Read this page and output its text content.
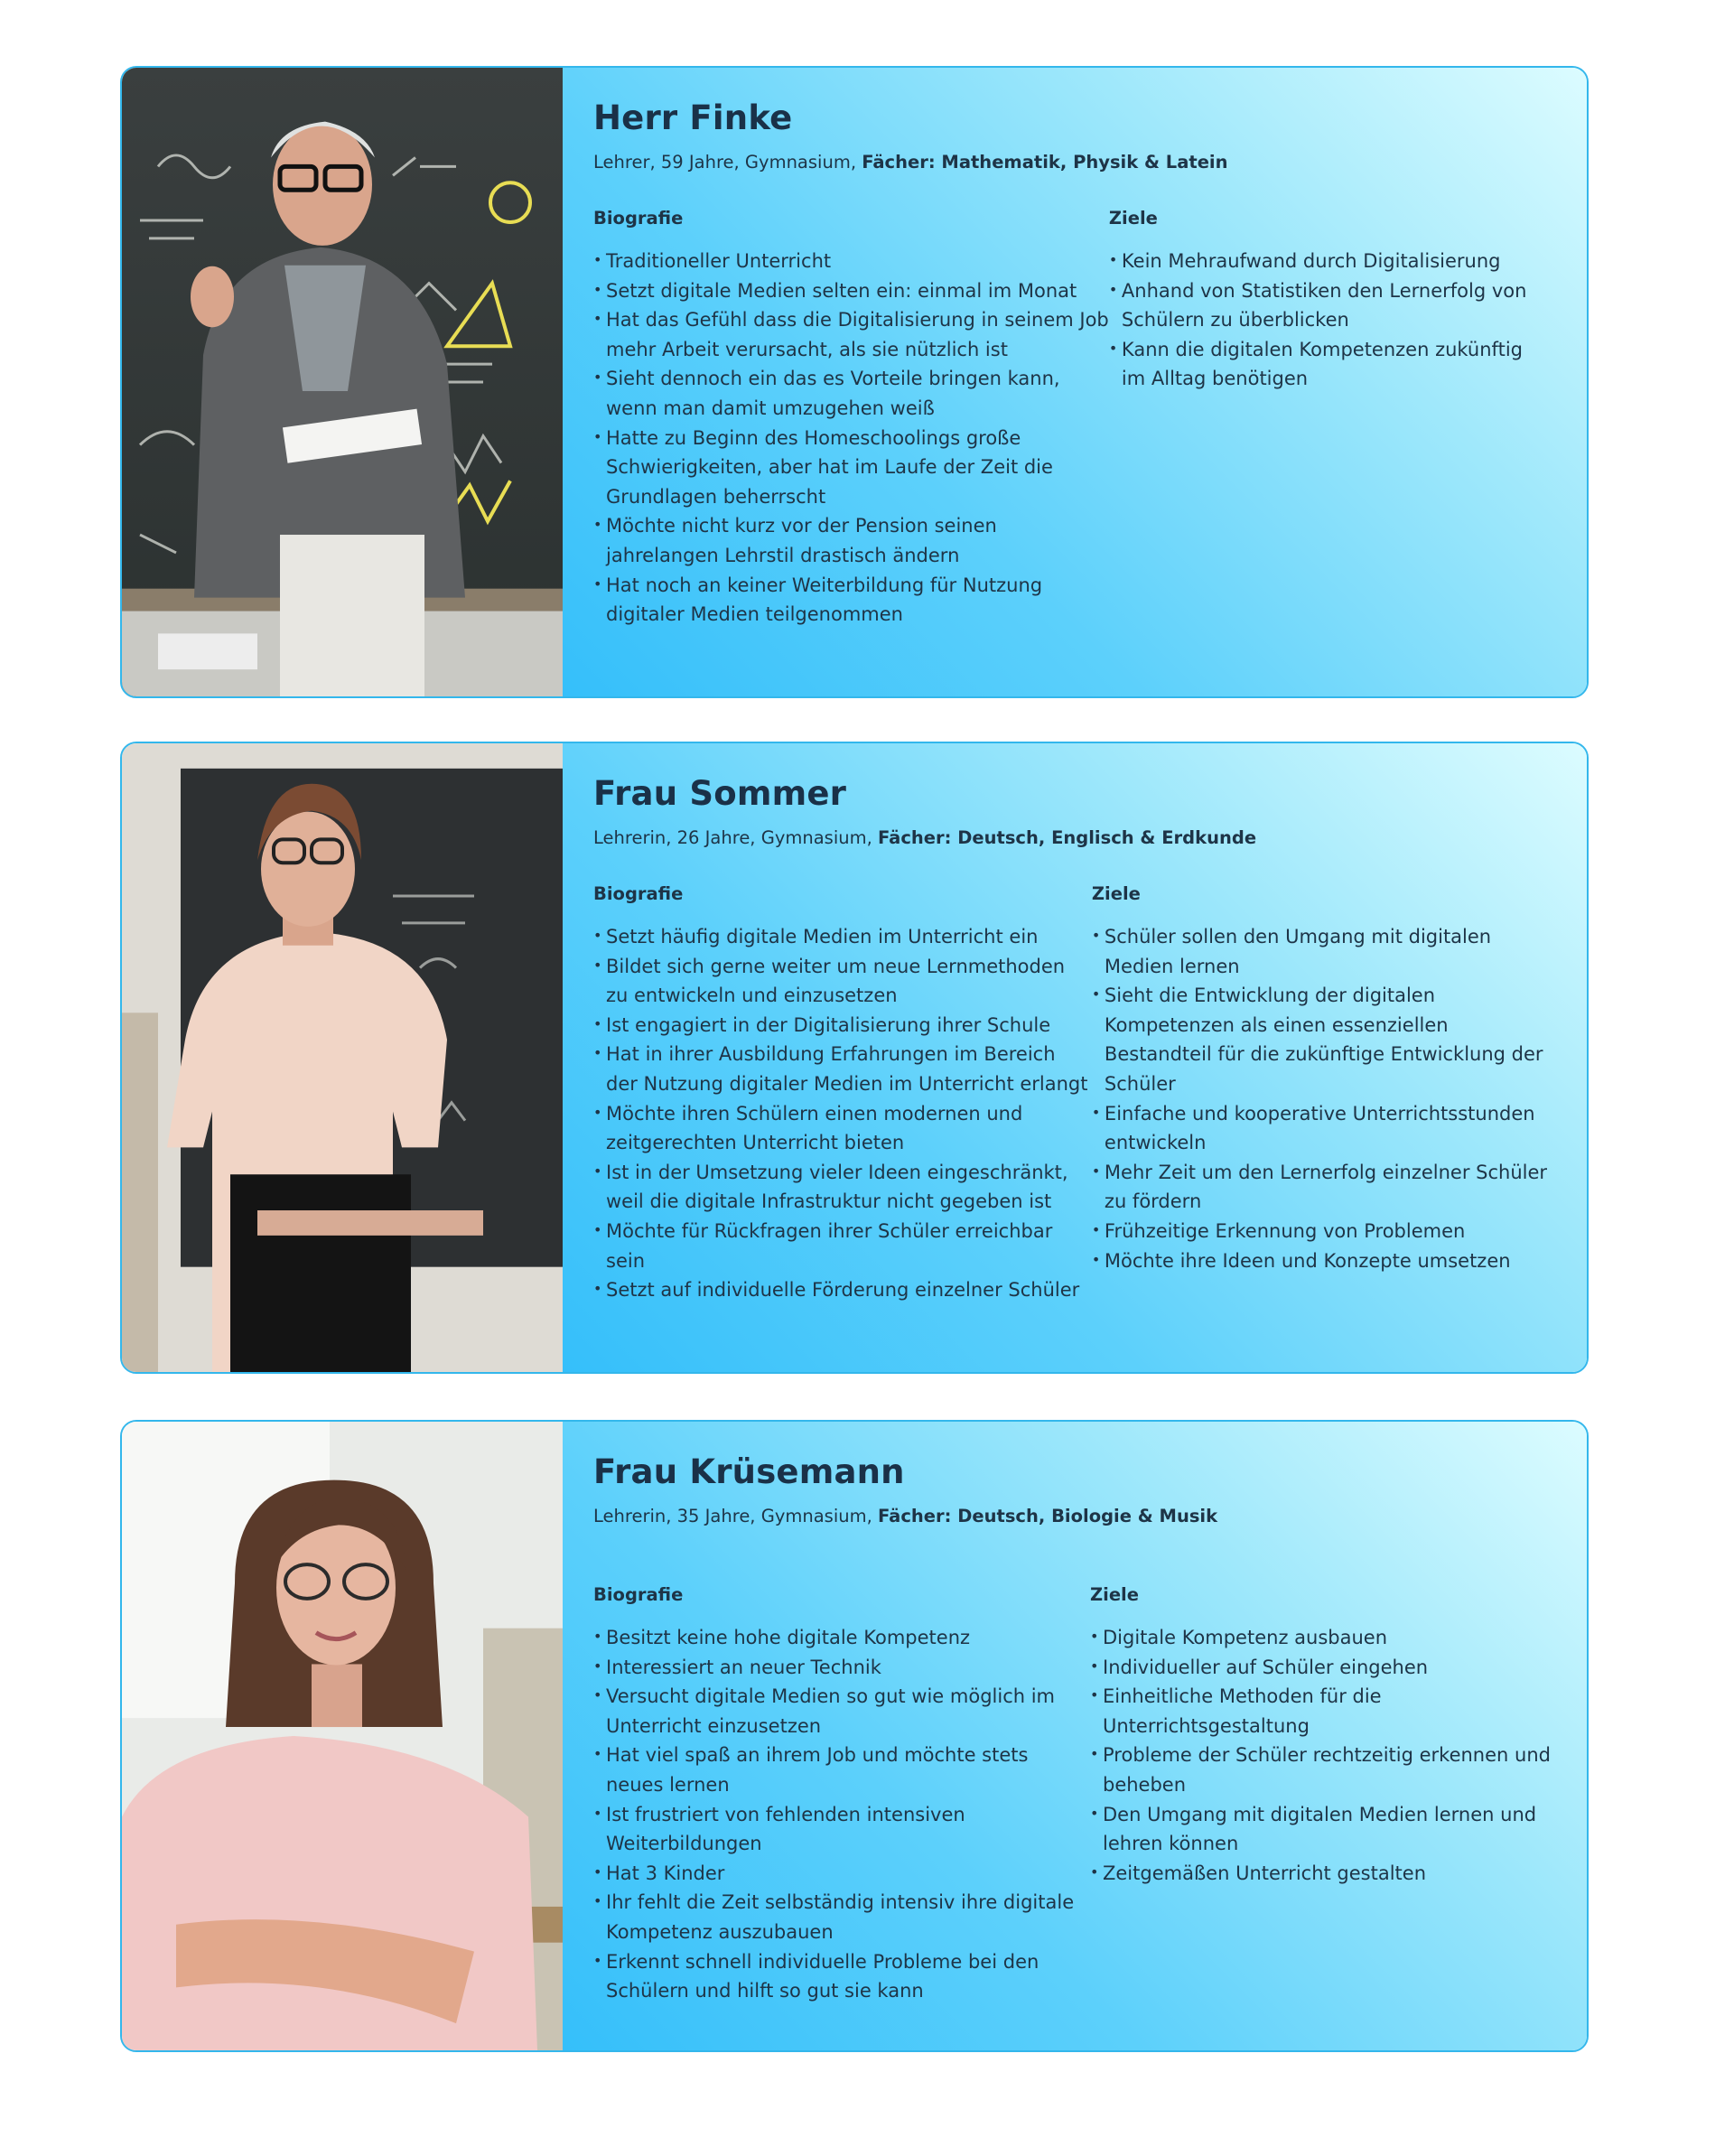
Herr Finke

Lehrer, 59 Jahre, Gymnasium, Fächer: Mathematik, Physik & Latein

Biografie
• Traditioneller Unterricht
• Setzt digitale Medien selten ein: einmal im Monat
• Hat das Gefühl dass die Digitalisierung in seinem Job mehr Arbeit verursacht, als sie nützlich ist
• Sieht dennoch ein das es Vorteile bringen kann, wenn man damit umzugehen weiß
• Hatte zu Beginn des Homeschoolings große Schwierigkeiten, aber hat im Laufe der Zeit die Grundlagen beherrscht
• Möchte nicht kurz vor der Pension seinen jahrelangen Lehrstil drastisch ändern
• Hat noch an keiner Weiterbildung für Nutzung digitaler Medien teilgenommen
Ziele
• Kein Mehraufwand durch Digitalisierung
• Anhand von Statistiken den Lernerfolg von Schülern zu überblicken
• Kann die digitalen Kompetenzen zukünftig im Alltag benötigen
Frau Sommer

Lehrerin, 26 Jahre, Gymnasium, Fächer: Deutsch, Englisch & Erdkunde

Biografie
• Setzt häufig digitale Medien im Unterricht ein
• Bildet sich gerne weiter um neue Lernmethoden zu entwickeln und einzusetzen
• Ist engagiert in der Digitalisierung ihrer Schule
• Hat in ihrer Ausbildung Erfahrungen im Bereich der Nutzung digitaler Medien im Unterricht erlangt
• Möchte ihren Schülern einen modernen und zeitgerechten Unterricht bieten
• Ist in der Umsetzung vieler Ideen eingeschränkt, weil die digitale Infrastruktur nicht gegeben ist
• Möchte für Rückfragen ihrer Schüler erreichbar sein
• Setzt auf individuelle Förderung einzelner Schüler
Ziele
• Schüler sollen den Umgang mit digitalen Medien lernen
• Sieht die Entwicklung der digitalen Kompetenzen als einen essenziellen Bestandteil für die zukünftige Entwicklung der Schüler
• Einfache und kooperative Unterrichtsstunden entwickeln
• Mehr Zeit um den Lernerfolg einzelner Schüler zu fördern
• Frühzeitige Erkennung von Problemen
• Möchte ihre Ideen und Konzepte umsetzen
Frau Krüsemann

Lehrerin, 35 Jahre, Gymnasium, Fächer: Deutsch, Biologie & Musik

Biografie
• Besitzt keine hohe digitale Kompetenz
• Interessiert an neuer Technik
• Versucht digitale Medien so gut wie möglich im Unterricht einzusetzen
• Hat viel spaß an ihrem Job und möchte stets neues lernen
• Ist frustriert von fehlenden intensiven Weiterbildungen
• Hat 3 Kinder
• Ihr fehlt die Zeit selbständig intensiv ihre digitale Kompetenz auszubauen
• Erkennt schnell individuelle Probleme bei den Schülern und hilft so gut sie kann
Ziele
• Digitale Kompetenz ausbauen
• Individueller auf Schüler eingehen
• Einheitliche Methoden für die Unterrichtsgestaltung
• Probleme der Schüler rechtzeitig erkennen und beheben
• Den Umgang mit digitalen Medien lernen und lehren können
• Zeitgemäßen Unterricht gestalten
